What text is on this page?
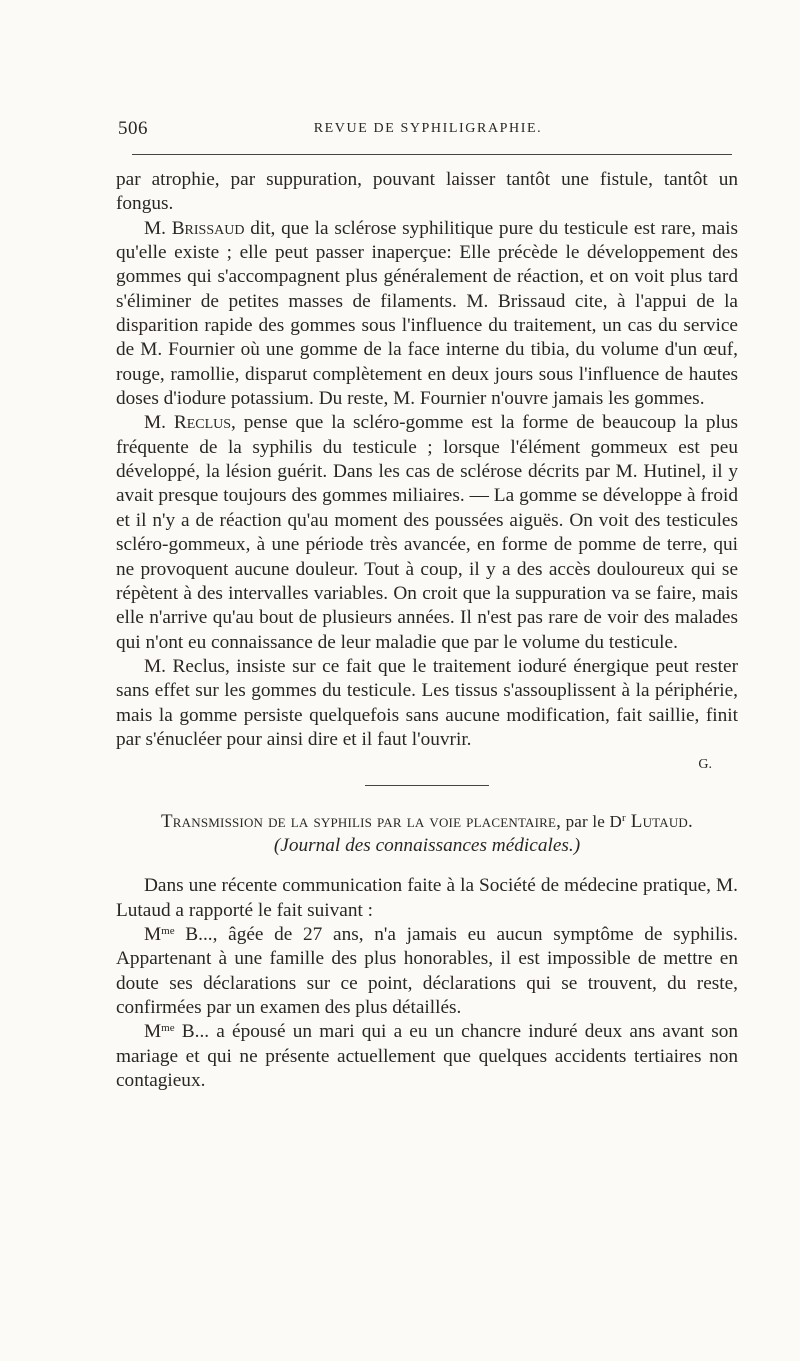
506	REVUE DE SYPHILIGRAPHIE.

par atrophie, par suppuration, pouvant laisser tantôt une fistule, tantôt un fongus.

M. Brissaud dit, que la sclérose syphilitique pure du testicule est rare, mais qu'elle existe ; elle peut passer inaperçue: Elle précède le développement des gommes qui s'accompagnent plus généralement de réaction, et on voit plus tard s'éliminer de petites masses de filaments. M. Brissaud cite, à l'appui de la disparition rapide des gommes sous l'influence du traitement, un cas du service de M. Fournier où une gomme de la face interne du tibia, du volume d'un œuf, rouge, ramollie, disparut complètement en deux jours sous l'influence de hautes doses d'iodure potassium. Du reste, M. Fournier n'ouvre jamais les gommes.

M. Reclus, pense que la scléro-gomme est la forme de beaucoup la plus fréquente de la syphilis du testicule ; lorsque l'élément gommeux est peu développé, la lésion guérit. Dans les cas de sclérose décrits par M. Hutinel, il y avait presque toujours des gommes miliaires. — La gomme se développe à froid et il n'y a de réaction qu'au moment des poussées aiguës. On voit des testicules scléro-gommeux, à une période très avancée, en forme de pomme de terre, qui ne provoquent aucune douleur. Tout à coup, il y a des accès douloureux qui se répètent à des intervalles variables. On croit que la suppuration va se faire, mais elle n'arrive qu'au bout de plusieurs années. Il n'est pas rare de voir des malades qui n'ont eu connaissance de leur maladie que par le volume du testicule.

M. Reclus, insiste sur ce fait que le traitement ioduré énergique peut rester sans effet sur les gommes du testicule. Les tissus s'assouplissent à la périphérie, mais la gomme persiste quelquefois sans aucune modification, fait saillie, finit par s'énucléer pour ainsi dire et il faut l'ouvrir.

G.
Transmission de la syphilis par la voie placentaire, par le $D^r$ Lutaud.
(Journal des connaissances médicales.)

Dans une récente communication faite à la Société de médecine pratique, M. Lutaud a rapporté le fait suivant :

$M^{me}$ B..., âgée de 27 ans, n'a jamais eu aucun symptôme de syphilis. Appartenant à une famille des plus honorables, il est impossible de mettre en doute ses déclarations sur ce point, déclarations qui se trouvent, du reste, confirmées par un examen des plus détaillés.

$M^{me}$ B... a épousé un mari qui a eu un chancre induré deux ans avant son mariage et qui ne présente actuellement que quelques accidents tertiaires non contagieux.
